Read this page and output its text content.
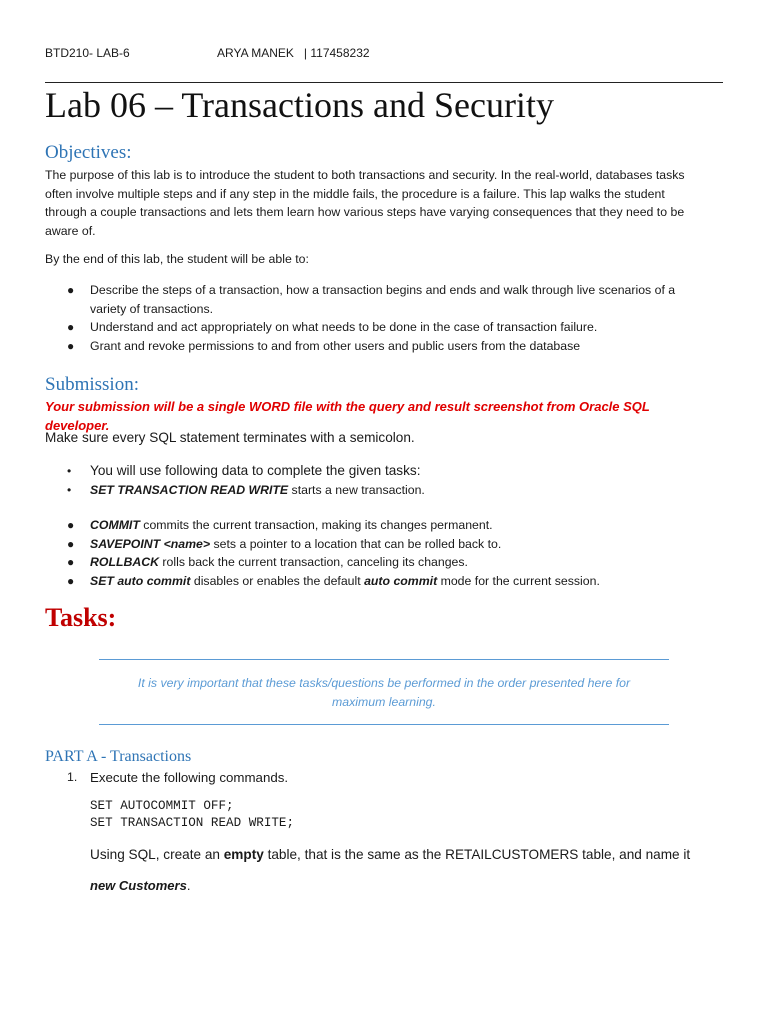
BTD210- LAB-6	ARYA MANEK   | 117458232
Lab 06 – Transactions and Security
Objectives:
The purpose of this lab is to introduce the student to both transactions and security. In the real-world, databases tasks
often involve multiple steps and if any step in the middle fails, the procedure is a failure. This lap walks the student
through a couple transactions and lets them learn how various steps have varying consequences that they need to be
aware of.
By the end of this lab, the student will be able to:
● Describe the steps of a transaction, how a transaction begins and ends and walk through live scenarios of a
variety of transactions.
● Understand and act appropriately on what needs to be done in the case of transaction failure.
● Grant and revoke permissions to and from other users and public users from the database
Submission:
Your submission will be a single WORD file with the query and result screenshot from Oracle SQL developer.
Make sure every SQL statement terminates with a semicolon.
• You will use following data to complete the given tasks:
• SET TRANSACTION READ WRITE starts a new transaction.
● COMMIT commits the current transaction, making its changes permanent.
● SAVEPOINT <name> sets a pointer to a location that can be rolled back to.
● ROLLBACK rolls back the current transaction, canceling its changes.
● SET auto commit disables or enables the default auto commit mode for the current session.
Tasks:
It is very important that these tasks/questions be performed in the order presented here for
maximum learning.
PART A - Transactions
1. Execute the following commands.
SET AUTOCOMMIT OFF;
SET TRANSACTION READ WRITE;
Using SQL, create an empty table, that is the same as the RETAILCUSTOMERS table, and name it
new Customers.
